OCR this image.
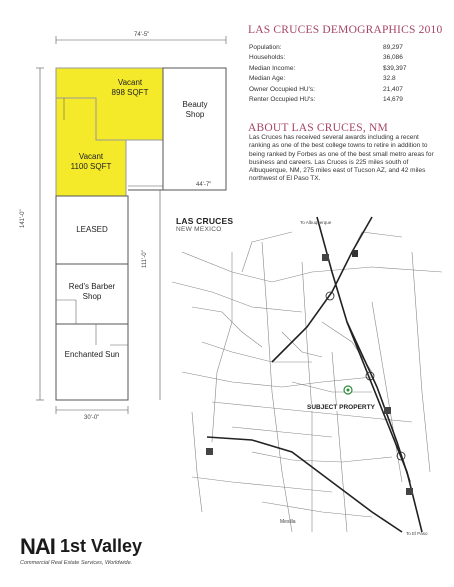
74'-5"
141'-0"
44'-7"
111'-0"
30'-0"
Vacant
898 SQFT
Beauty
Shop
Vacant
1100 SQFT
LEASED
Red's Barber
Shop
Enchanted Sun
LAS CRUCES DEMOGRAPHICS 2010
Population:	89,297
Households:	36,086
Median Income:	$39,397
Median Age:	32.8
Owner Occupied HU's:	21,407
Renter Occupied HU's:	14,679
ABOUT LAS CRUCES, NM
Las Cruces has received several awards including a recent ranking as one of the best college towns to retire in addition to being ranked by Forbes as one of the best small metro areas for business and careers. Las Cruces is 225 miles south of Albuquerque, NM, 275 miles east of Tucson AZ, and 42 miles northwest of El Paso TX.
LAS CRUCES
NEW MEXICO
To Albuquerque
To El Paso
Mesilla
SUBJECT PROPERTY
NAI 1st Valley
Commercial Real Estate Services, Worldwide.
